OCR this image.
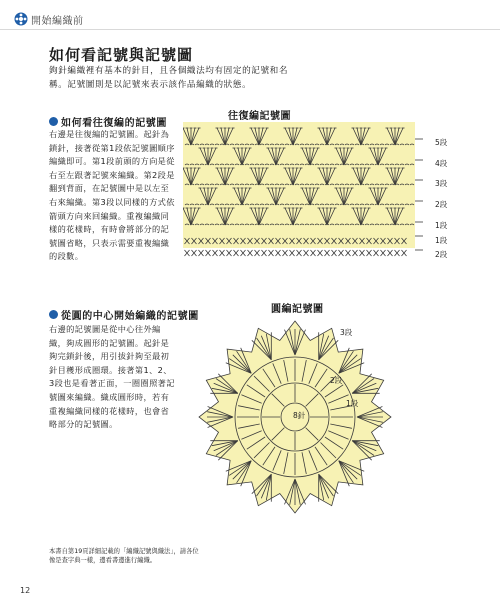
開始編織前
如何看記號與記號圖
鉤針編織裡有基本的針目，且各個織法均有固定的記號和名稱。記號圖則是以記號來表示該作品編織的狀態。
如何看往復編的記號圖
右邊是往復編的記號圖。起針為鎖針，接著從第1段依記號圖順序編織即可。第1段前頭的方向是從右至左跟著記號來編織。第2段是翻到背面，在記號圖中是以左至右來編織。第3段以同樣的方式依箭頭方向來回編織。重複編織同樣的花樣時，有時會將部分的記號圖省略，只表示需要重複編織的段數。
往復編記號圖
5段
4段
3段
2段
1段
1段
2段
從圓的中心開始編織的記號圖
右邊的記號圖是從中心往外編織，夠成圓形的記號圖。起針是夠完鎖針後，用引拔針夠至最初針目穫形成圈環。接著第1、2、3段也是看著正面，一圈圈照著記號圖來編織。織成圓形時，若有重複編織同樣的花樣時，也會省略部分的記號圖。
圓編記號圖
3段
2段
1段
8針
本書自第19頁詳細記載的「編織記號與織法」，請各位像是查字典一樣，邊看書邊進行編織。
12
